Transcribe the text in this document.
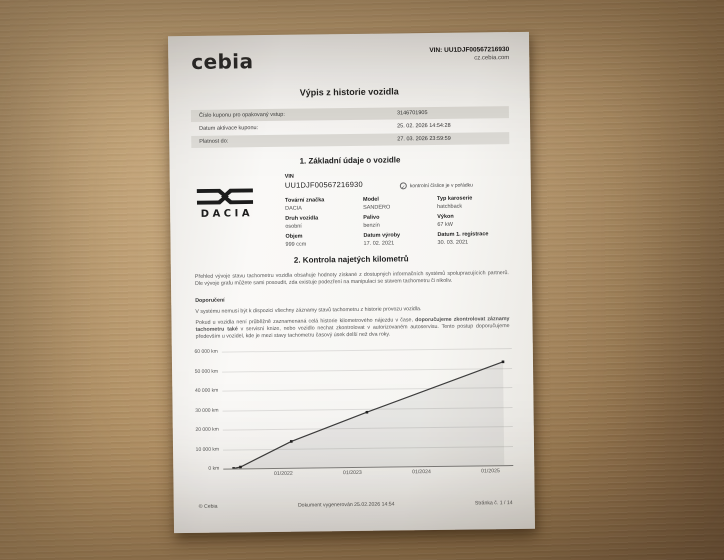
cebia	VIN: UU1DJF00567216930
cz.cebia.com
Výpis z historie vozidla
Číslo kuponu pro opakovaný vstup:	3146701905
Datum aktivace kuponu:	25. 02. 2026 14:54:28
Platnost do:	27. 03. 2026 23:59:59
1. Základní údaje o vozidle
VIN
UU1DJF00567216930	✓ kontrolní číslice je v pořádku
DACIA
Tovární značka
DACIA
Model
SANDERO
Typ karoserie
hatchback
Druh vozidla
osobní
Palivo
benzín
Výkon
67 kW
Objem
999 ccm
Datum výroby
17. 02. 2021
Datum 1. registrace
30. 03. 2021
2. Kontrola najetých kilometrů
Přehled vývoje stavu tachometru vozidla obsahuje hodnoty získané z dostupných informačních systémů spolupracujících partnerů. Dle vývoje grafu můžete sami posoudit, zda existuje podezření na manipulaci se stavem tachometru či nikoliv.
Doporučení
V systému nemusí být k dispozici všechny záznamy stavů tachometru z historie provozu vozidla.
Pokud u vozidla není průběžně zaznamenaná celá historie kilometrového nájezdu v čase, doporučujeme zkontrolovat záznamy tachometru také v servisní knize, nebo vozidlo nechat zkontrolovat v autorizovaném autoservisu. Tento postup doporučujeme především u vozidel, kde je mezi stavy tachometru časový úsek delší než dva roky.
0 km
10 000 km
20 000 km
30 000 km
40 000 km
50 000 km
60 000 km
01/2022	01/2023	01/2024	01/2025
© Cebia	Dokument vygenerován 25.02.2026 14:54	Stránka č. 1 / 14
